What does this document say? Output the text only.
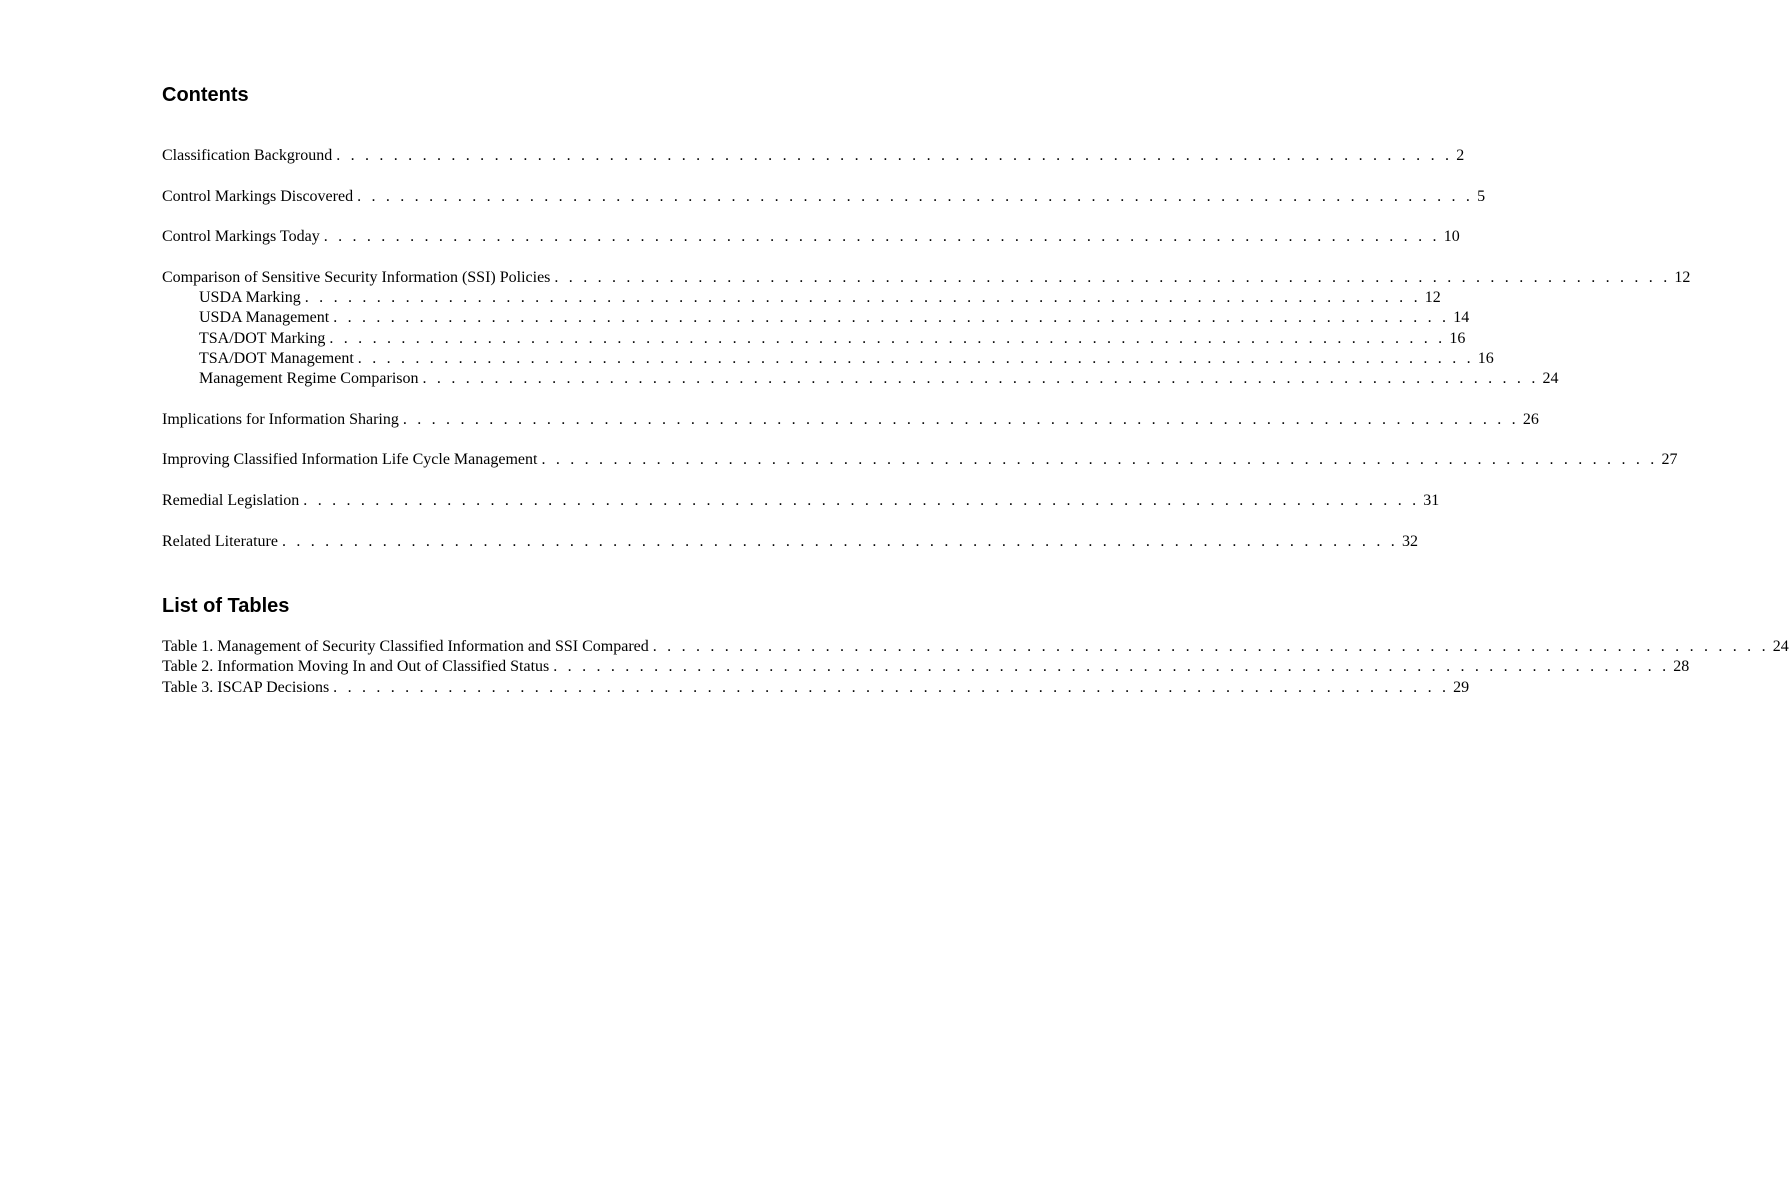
Contents
Classification Background . . . . . . . . . . . . . . . . . . . . . . . . . . . . . . . . . . . . . . . . . . . . . . . . . . . . . . . . . . . . . . . . . . . . . . . . . . . . . . 2
Control Markings Discovered . . . . . . . . . . . . . . . . . . . . . . . . . . . . . . . . . . . . . . . . . . . . . . . . . . . . . . . . . . . . . . . . . . . . . . . . . . . . . . 5
Control Markings Today . . . . . . . . . . . . . . . . . . . . . . . . . . . . . . . . . . . . . . . . . . . . . . . . . . . . . . . . . . . . . . . . . . . . . . . . . . . . . . 10
Comparison of Sensitive Security Information (SSI) Policies . . . . . . . . . . . . . . . . . . . . . . . . . . . . . . . . . . . . . . . . . . . . . . . . . . . . . . . . . . . . . . . . . . . . . . . . . . . . . . 12
USDA Marking . . . . . . . . . . . . . . . . . . . . . . . . . . . . . . . . . . . . . . . . . . . . . . . . . . . . . . . . . . . . . . . . . . . . . . . . . . . . . . 12
USDA Management . . . . . . . . . . . . . . . . . . . . . . . . . . . . . . . . . . . . . . . . . . . . . . . . . . . . . . . . . . . . . . . . . . . . . . . . . . . . . . 14
TSA/DOT Marking . . . . . . . . . . . . . . . . . . . . . . . . . . . . . . . . . . . . . . . . . . . . . . . . . . . . . . . . . . . . . . . . . . . . . . . . . . . . . . 16
TSA/DOT Management . . . . . . . . . . . . . . . . . . . . . . . . . . . . . . . . . . . . . . . . . . . . . . . . . . . . . . . . . . . . . . . . . . . . . . . . . . . . . . 16
Management Regime Comparison . . . . . . . . . . . . . . . . . . . . . . . . . . . . . . . . . . . . . . . . . . . . . . . . . . . . . . . . . . . . . . . . . . . . . . . . . . . . . . 24
Implications for Information Sharing . . . . . . . . . . . . . . . . . . . . . . . . . . . . . . . . . . . . . . . . . . . . . . . . . . . . . . . . . . . . . . . . . . . . . . . . . . . . . . 26
Improving Classified Information Life Cycle Management . . . . . . . . . . . . . . . . . . . . . . . . . . . . . . . . . . . . . . . . . . . . . . . . . . . . . . . . . . . . . . . . . . . . . . . . . . . . . . 27
Remedial Legislation . . . . . . . . . . . . . . . . . . . . . . . . . . . . . . . . . . . . . . . . . . . . . . . . . . . . . . . . . . . . . . . . . . . . . . . . . . . . . . 31
Related Literature . . . . . . . . . . . . . . . . . . . . . . . . . . . . . . . . . . . . . . . . . . . . . . . . . . . . . . . . . . . . . . . . . . . . . . . . . . . . . . 32
List of Tables
Table 1. Management of Security Classified Information and SSI Compared . . . . . . . . . . . . . . . . . . . . . . . . . . . . . . . . . . . . . . . . . . . . . . . . . . . . . . . . . . . . . . . . . . . . . . . . . . . . . . 24
Table 2. Information Moving In and Out of Classified Status . . . . . . . . . . . . . . . . . . . . . . . . . . . . . . . . . . . . . . . . . . . . . . . . . . . . . . . . . . . . . . . . . . . . . . . . . . . . . . 28
Table 3. ISCAP Decisions . . . . . . . . . . . . . . . . . . . . . . . . . . . . . . . . . . . . . . . . . . . . . . . . . . . . . . . . . . . . . . . . . . . . . . . . . . . . . . 29
